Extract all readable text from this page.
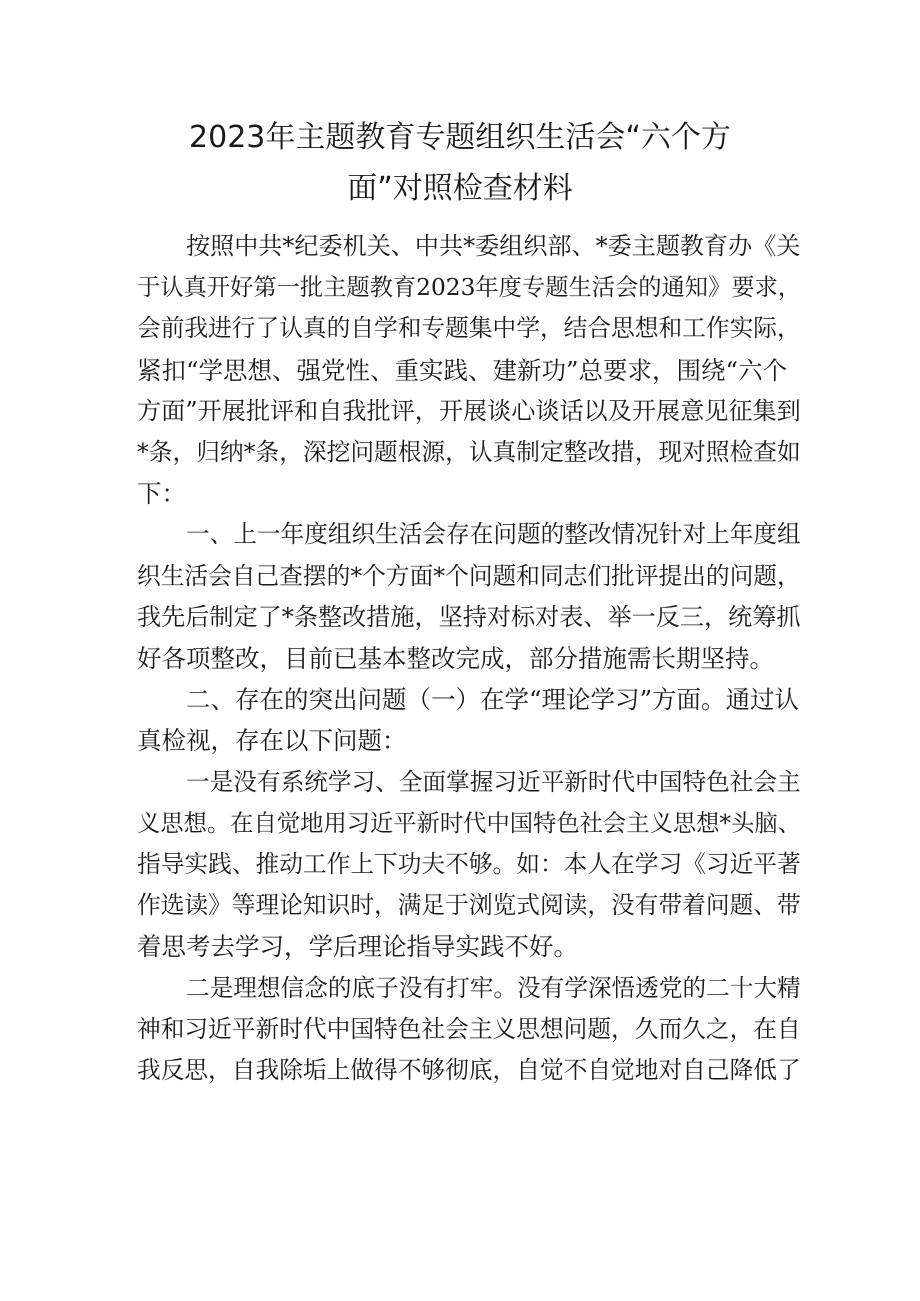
2023年主题教育专题组织生活会“六个方
面”对照检查材料
按照中共*纪委机关、中共*委组织部、*委主题教育办《关
于认真开好第一批主题教育2023年度专题生活会的通知》要求，
会前我进行了认真的自学和专题集中学，结合思想和工作实际，
紧扣“学思想、强党性、重实践、建新功”总要求，围绕“六个
方面”开展批评和自我批评，开展谈心谈话以及开展意见征集到
*条，归纳*条，深挖问题根源，认真制定整改措，现对照检查如
下：
一、上一年度组织生活会存在问题的整改情况针对上年度组
织生活会自己查摆的*个方面*个问题和同志们批评提出的问题，
我先后制定了*条整改措施，坚持对标对表、举一反三，统筹抓
好各项整改，目前已基本整改完成，部分措施需长期坚持。
二、存在的突出问题（一）在学“理论学习”方面。通过认
真检视，存在以下问题：
一是没有系统学习、全面掌握习近平新时代中国特色社会主
义思想。在自觉地用习近平新时代中国特色社会主义思想*头脑、
指导实践、推动工作上下功夫不够。如：本人在学习《习近平著
作选读》等理论知识时，满足于浏览式阅读，没有带着问题、带
着思考去学习，学后理论指导实践不好。
二是理想信念的底子没有打牢。没有学深悟透党的二十大精
神和习近平新时代中国特色社会主义思想问题，久而久之，在自
我反思，自我除垢上做得不够彻底，自觉不自觉地对自己降低了
